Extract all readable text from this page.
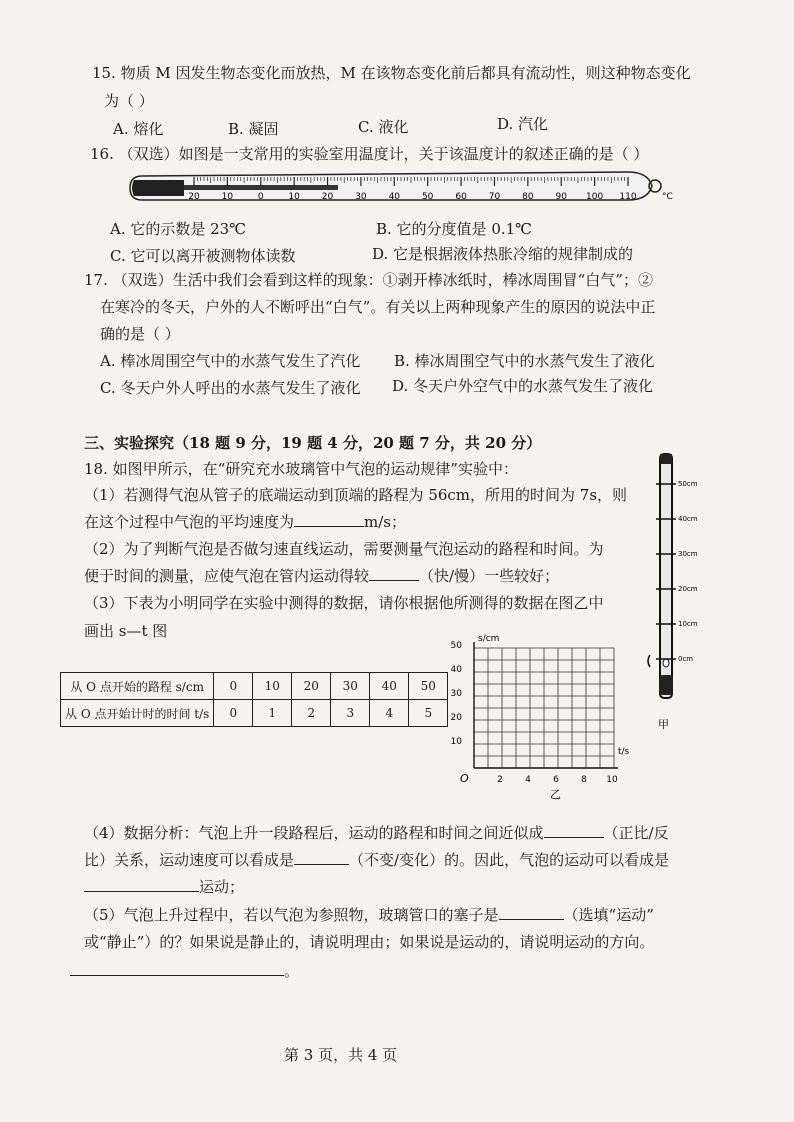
15. 物质 M 因发生物态变化而放热，M 在该物态变化前后都具有流动性，则这种物态变化
为（ ）
A. 熔化	B. 凝固	C. 液化	D. 汽化
16. （双选）如图是一支常用的实验室用温度计，关于该温度计的叙述正确的是（ ）
20 10	0	10 20 30 40 50 60 70 80 90 100 110	°C
A. 它的示数是 23℃	B. 它的分度值是 0.1℃
C. 它可以离开被测物体读数	D. 它是根据液体热胀冷缩的规律制成的
17. （双选）生活中我们会看到这样的现象：①剥开棒冰纸时，棒冰周围冒“白气”；②
在寒冷的冬天，户外的人不断呼出“白气”。有关以上两种现象产生的原因的说法中正
确的是（ ）
A. 棒冰周围空气中的水蒸气发生了汽化 B. 棒冰周围空气中的水蒸气发生了液化
C. 冬天户外人呼出的水蒸气发生了液化 D. 冬天户外空气中的水蒸气发生了液化
三、实验探究（18 题 9 分，19 题 4 分，20 题 7 分，共 20 分）
18. 如图甲所示，在“研究充水玻璃管中气泡的运动规律”实验中：
（1）若测得气泡从管子的底端运动到顶端的路程为 56cm，所用的时间为 7s，则
在这个过程中气泡的平均速度为	m/s；
（2）为了判断气泡是否做匀速直线运动，需要测量气泡运动的路程和时间。为
便于时间的测量，应使气泡在管内运动得较	（快/慢）一些较好；
（3）下表为小明同学在实验中测得的数据，请你根据他所测得的数据在图乙中
画出 s—t 图
从 O 点开始的路程 s/cm	0	10	20	30	40	50
从 O 点开始计时的时间 t/s	0	1	2	3	4	5
s/cm
t/s
O
10
20
30
40
50
2 4 6 8 10
乙
50cm
40cm
30cm
20cm
10cm
0cm
甲
（4）数据分析：气泡上升一段路程后，运动的路程和时间之间近似成	（正比/反
比）关系，运动速度可以看成是	（不变/变化）的。因此，气泡的运动可以看成是
运动；
（5）气泡上升过程中，若以气泡为参照物，玻璃管口的塞子是	（选填“运动”
或“静止”）的？如果说是静止的，请说明理由；如果说是运动的，请说明运动的方向。
。
第 3 页，共 4 页
